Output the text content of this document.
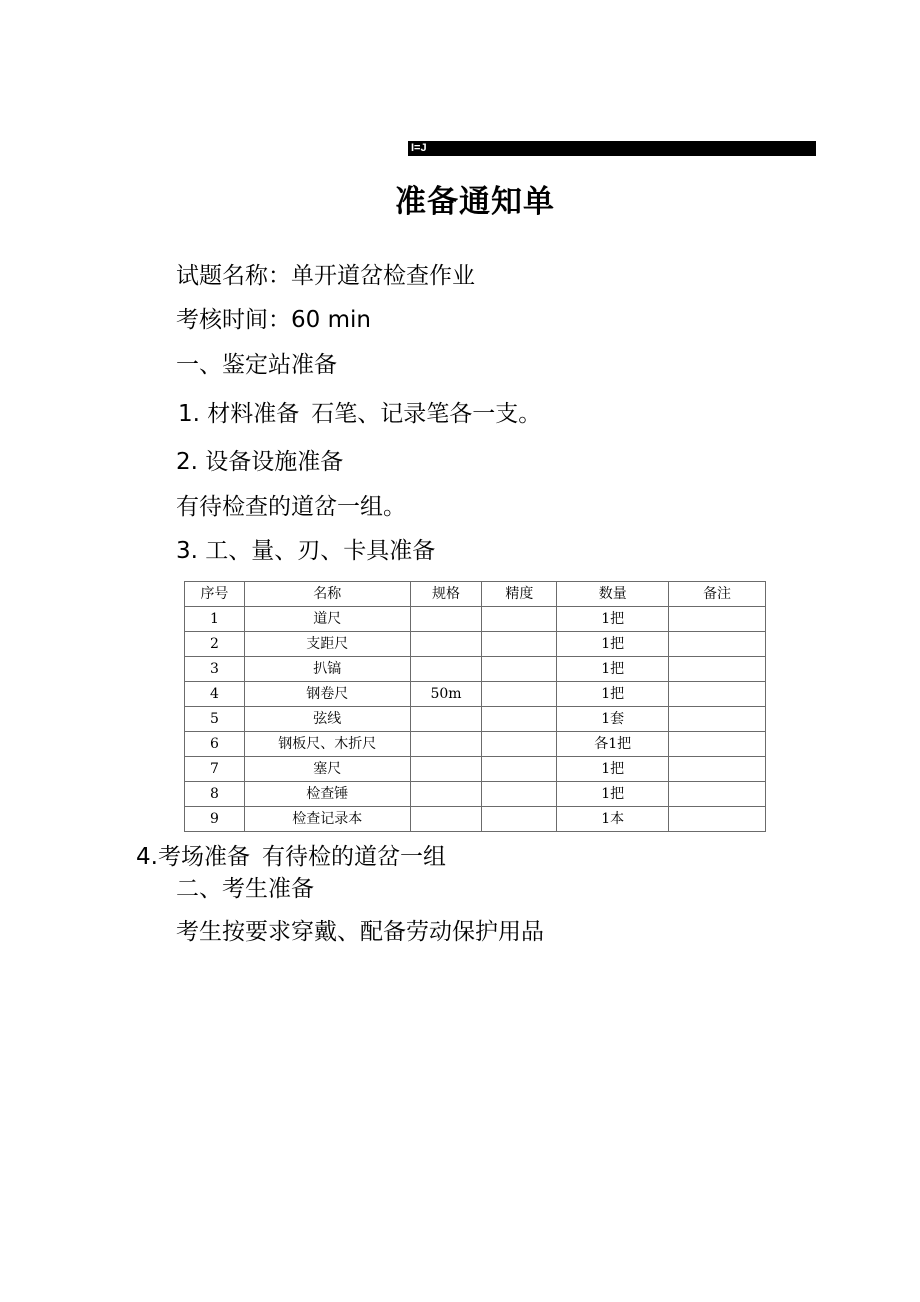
I=J
准备通知单
试题名称：单开道岔检查作业
考核时间：60 min
一、鉴定站准备
1. 材料准备 石笔、记录笔各一支。
2. 设备设施准备
有待检查的道岔一组。
3. 工、量、刃、卡具准备
序号	名称	规格	精度	数量	备注
1	道尺			1把	
2	支距尺			1把	
3	扒镐			1把	
4	钢卷尺	50m		1把	
5	弦线			1套	
6	钢板尺、木折尺			各1把	
7	塞尺			1把	
8	检查锤			1把	
9	检查记录本			1本	
4.考场准备 有待检的道岔一组
二、考生准备
考生按要求穿戴、配备劳动保护用品
